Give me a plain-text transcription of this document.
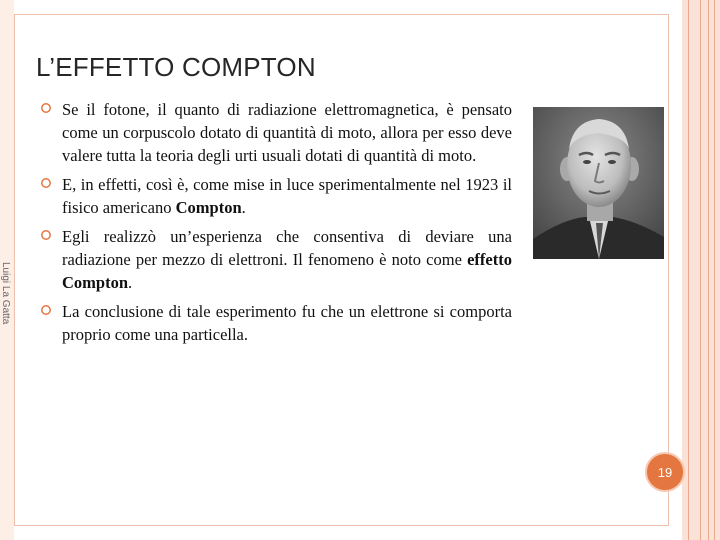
L’EFFETTO COMPTON
Luigi La Gatta
Se il fotone, il quanto di radiazione elettromagnetica, è pensato come un corpuscolo dotato di quantità di moto, allora per esso deve valere tutta la teoria degli urti usuali dotati di quantità di moto.
E, in effetti, così è, come mise in luce sperimentalmente nel 1923 il fisico americano Compton.
Egli realizzò un’esperienza che consentiva di deviare una radiazione per mezzo di elettroni. Il fenomeno è noto come effetto Compton.
La conclusione di tale esperimento fu che un elettrone si comporta proprio come una particella.
19
